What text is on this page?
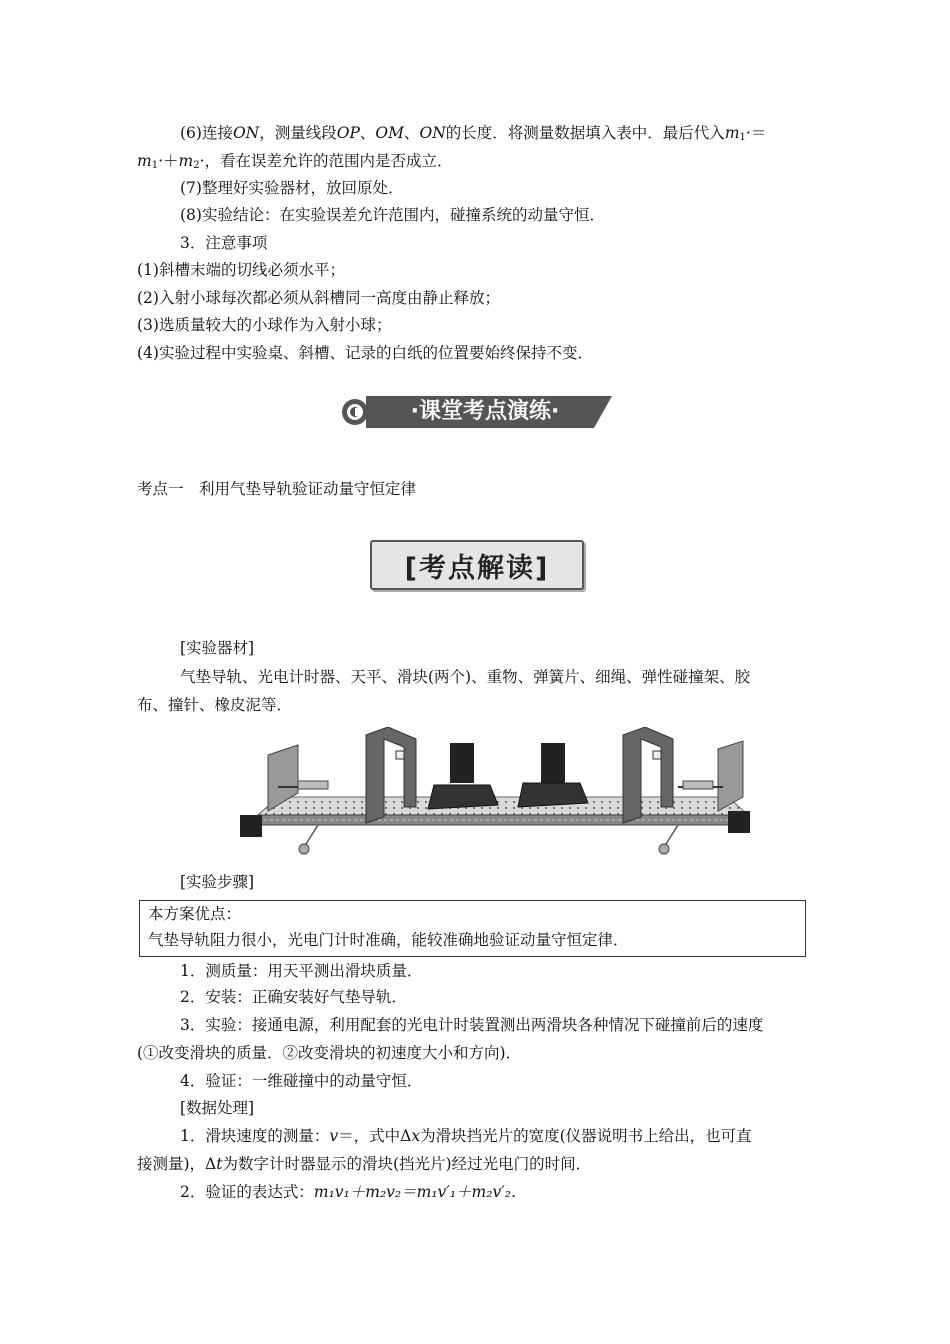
(6)连接ON，测量线段OP、OM、ON的长度．将测量数据填入表中．最后代入$m_1\cdot=$
$m_1\cdot+m_2\cdot$，看在误差允许的范围内是否成立．
(7)整理好实验器材，放回原处．
(8)实验结论：在实验误差允许范围内，碰撞系统的动量守恒．
3．注意事项
(1)斜槽末端的切线必须水平；
(2)入射小球每次都必须从斜槽同一高度由静止释放；
(3)选质量较大的小球作为入射小球；
(4)实验过程中实验桌、斜槽、记录的白纸的位置要始终保持不变．
·课堂考点演练·
考点一　利用气垫导轨验证动量守恒定律
[考点解读]
[实验器材]
气垫导轨、光电计时器、天平、滑块(两个)、重物、弹簧片、细绳、弹性碰撞架、胶
布、撞针、橡皮泥等．
[实验步骤]
本方案优点：
气垫导轨阻力很小，光电门计时准确，能较准确地验证动量守恒定律．
1．测质量：用天平测出滑块质量．
2．安装：正确安装好气垫导轨．
3．实验：接通电源，利用配套的光电计时装置测出两滑块各种情况下碰撞前后的速度
(①改变滑块的质量．②改变滑块的初速度大小和方向)．
4．验证：一维碰撞中的动量守恒．
[数据处理]
1．滑块速度的测量：v＝，式中Δx为滑块挡光片的宽度(仪器说明书上给出，也可直
接测量)，Δt为数字计时器显示的滑块(挡光片)经过光电门的时间．
2．验证的表达式：m₁v₁＋m₂v₂＝m₁v′₁＋m₂v′₂．
